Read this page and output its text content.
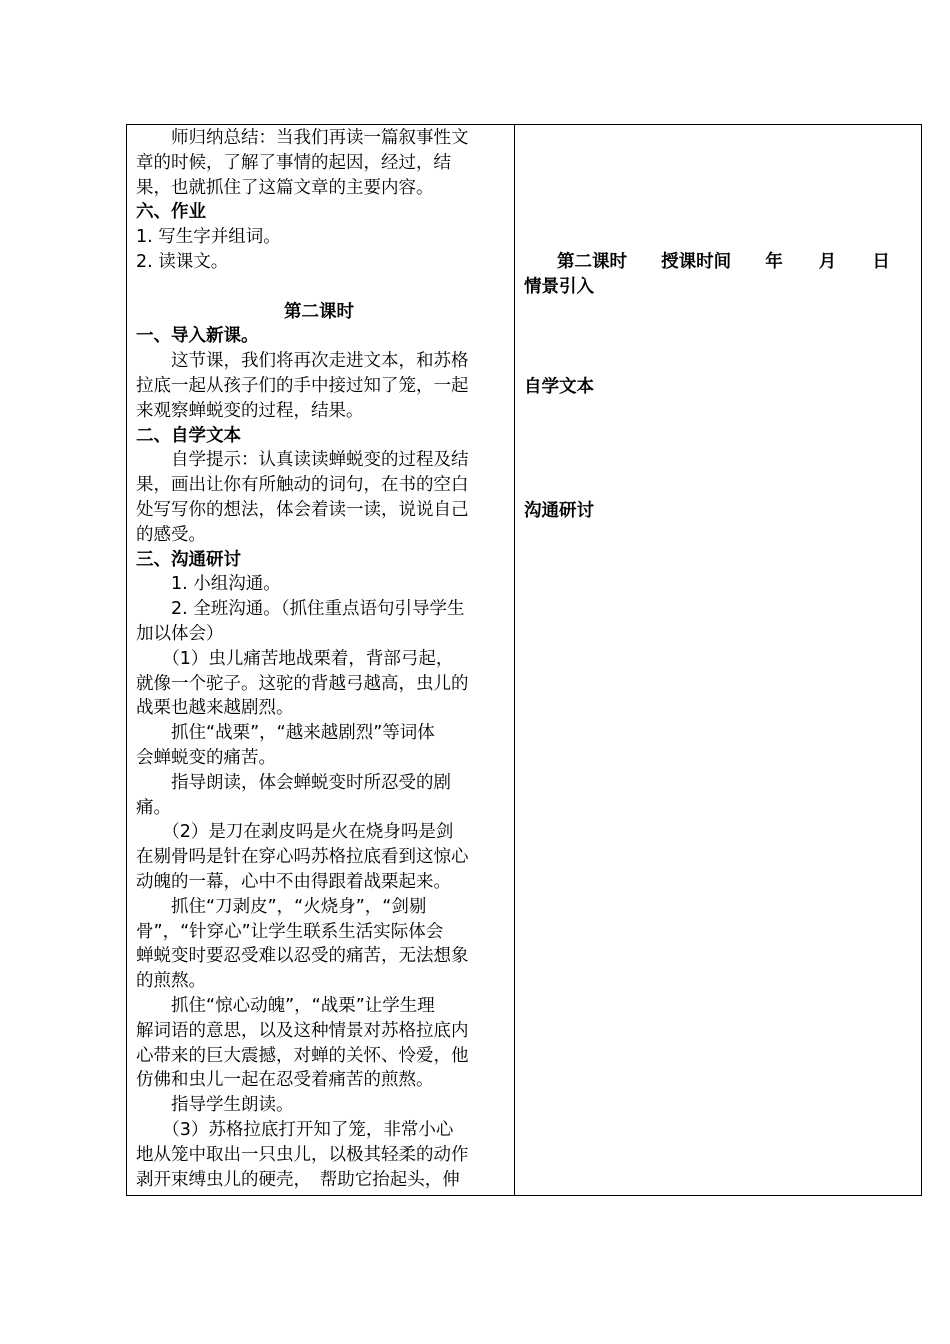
　　师归纳总结：当我们再读一篇叙事性文
章的时候，了解了事情的起因，经过，结
果，也就抓住了这篇文章的主要内容。
六、作业
1. 写生字并组词。
2. 读课文。
第二课时
一、导入新课。
　　这节课，我们将再次走进文本，和苏格
拉底一起从孩子们的手中接过知了笼，一起
来观察蝉蜕变的过程，结果。
二、自学文本
　　自学提示：认真读读蝉蜕变的过程及结
果，画出让你有所触动的词句，在书的空白
处写写你的想法，体会着读一读，说说自己
的感受。
三、沟通研讨
　　1. 小组沟通。
　　2. 全班沟通。（抓住重点语句引导学生
加以体会）
　　（1）虫儿痛苦地战栗着，背部弓起，
就像一个驼子。这驼的背越弓越高，虫儿的
战栗也越来越剧烈。
　　抓住“战栗”，“越来越剧烈”等词体
会蝉蜕变的痛苦。
　　指导朗读，体会蝉蜕变时所忍受的剧
痛。
　　（2）是刀在剥皮吗是火在烧身吗是剑
在剔骨吗是针在穿心吗苏格拉底看到这惊心
动魄的一幕，心中不由得跟着战栗起来。
　　抓住“刀剥皮”，“火烧身”，“剑剔
骨”，“针穿心”让学生联系生活实际体会
蝉蜕变时要忍受难以忍受的痛苦，无法想象
的煎熬。
　　抓住“惊心动魄”，“战栗”让学生理
解词语的意思，以及这种情景对苏格拉底内
心带来的巨大震撼，对蝉的关怀、怜爱，他
仿佛和虫儿一起在忍受着痛苦的煎熬。
　　指导学生朗读。
　　（3）苏格拉底打开知了笼，非常小心
地从笼中取出一只虫儿，以极其轻柔的动作
剥开束缚虫儿的硬壳，　帮助它抬起头，伸
第二课时 授课时间 年 月 日
情景引入
自学文本
沟通研讨
